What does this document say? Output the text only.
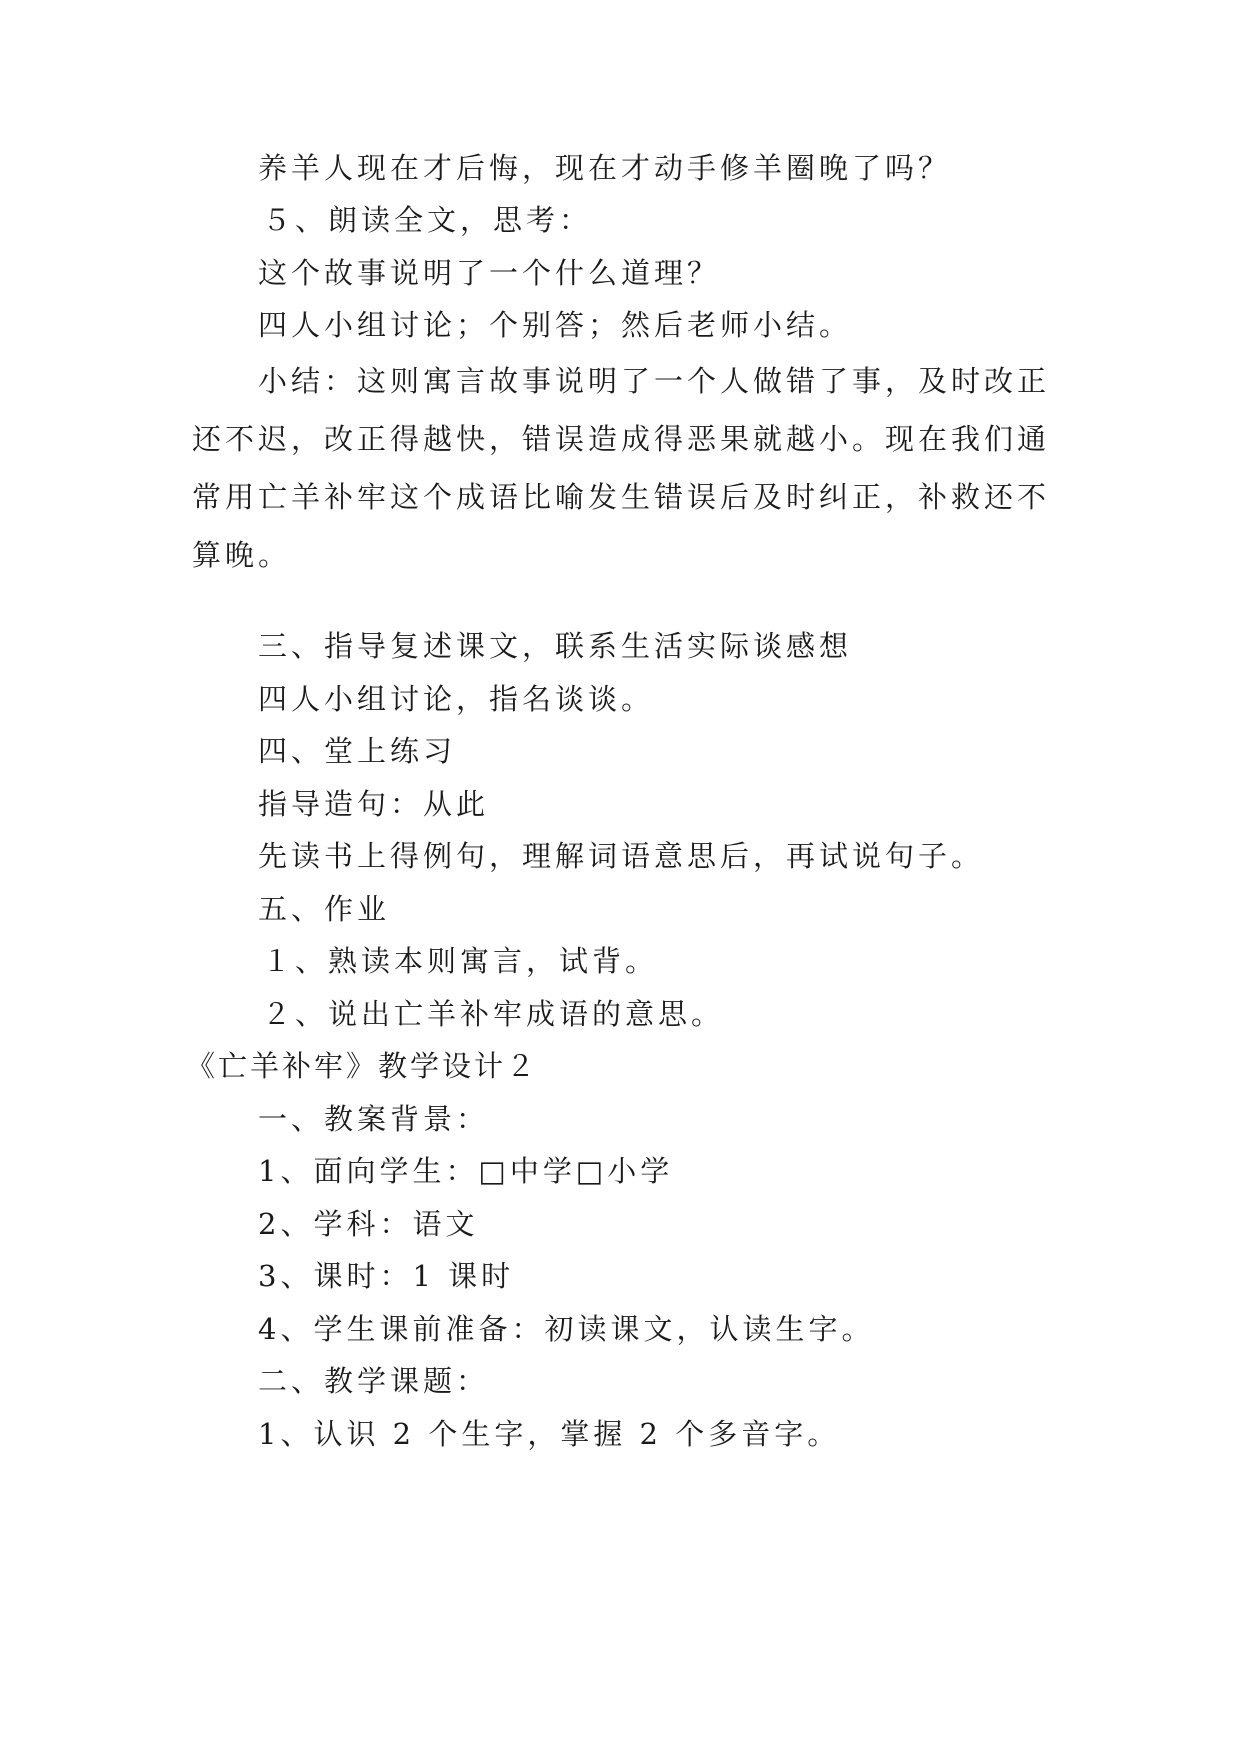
养羊人现在才后悔，现在才动手修羊圈晚了吗？
５、朗读全文，思考：
这个故事说明了一个什么道理？
四人小组讨论；个别答；然后老师小结。
小结：这则寓言故事说明了一个人做错了事，及时改正
还不迟，改正得越快，错误造成得恶果就越小。现在我们通
常用亡羊补牢这个成语比喻发生错误后及时纠正，补救还不
算晚。
三、指导复述课文，联系生活实际谈感想
四人小组讨论，指名谈谈。
四、堂上练习
指导造句：从此
先读书上得例句，理解词语意思后，再试说句子。
五、作业
１、熟读本则寓言，试背。
２、说出亡羊补牢成语的意思。
《亡羊补牢》教学设计２
一、教案背景：
1、面向学生：□中学□小学
2、学科：语文
3、课时：1 课时
4、学生课前准备：初读课文，认读生字。
二、教学课题：
1、认识 2 个生字，掌握 2 个多音字。
